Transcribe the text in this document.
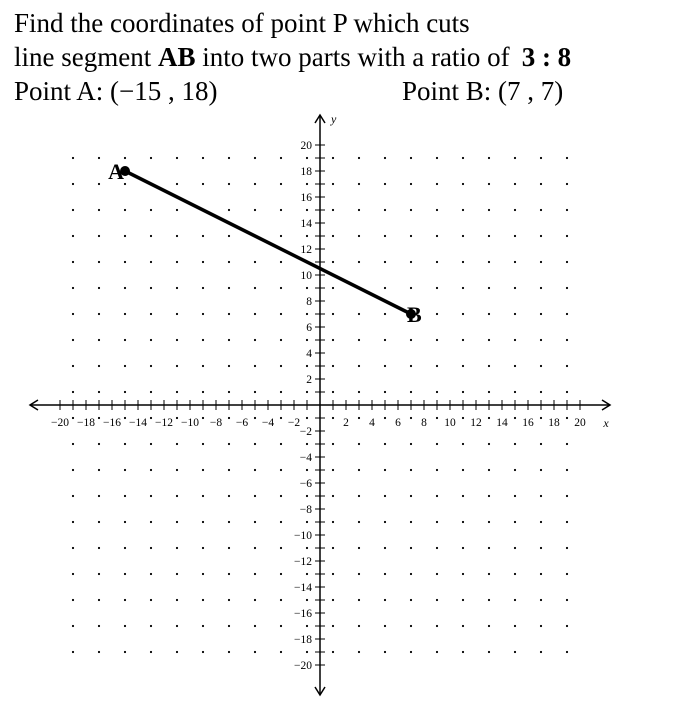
Find the coordinates of point P which cuts
line segment AB into two parts with a ratio of 3 : 8
Point A: (−15 , 18)	Point B: (7 , 7)
−20 −18 −16 −14 −12 −10 −8 −6 −4 −2	2 4 6 8 10 12 14 16 18 20
20
18
16
14
12
10
8
6
4
2
−2
−4
−6
−8
−10
−12
−14
−16
−18
−20
x
y
A
B
